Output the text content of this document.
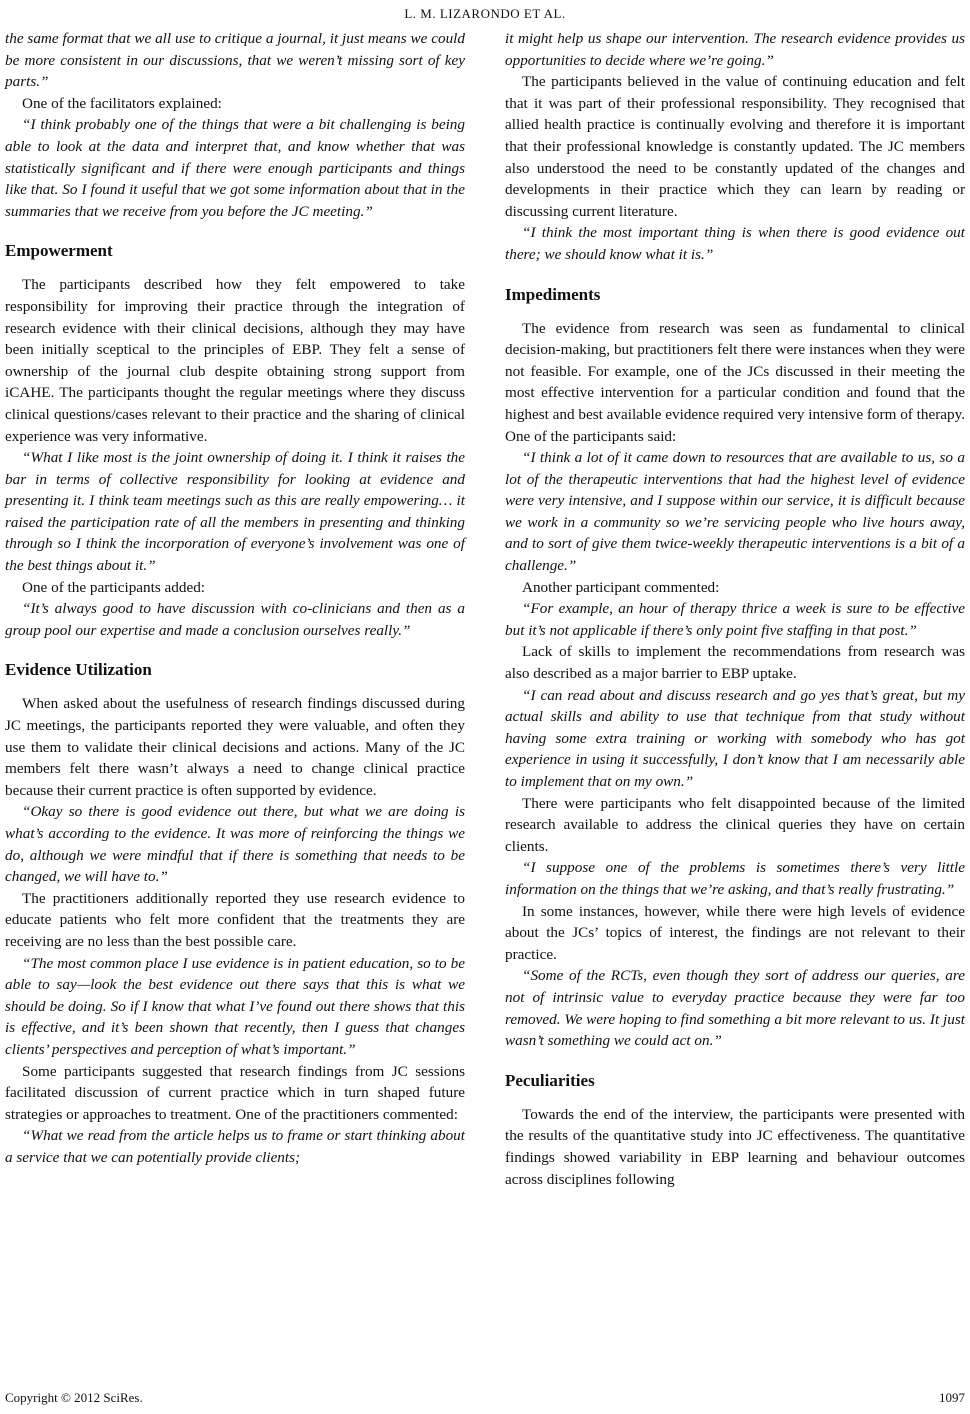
L. M. LIZARONDO ET AL.

the same format that we all use to critique a journal, it just means we could be more consistent in our discussions, that we weren’t missing sort of key parts.”

One of the facilitators explained:

“I think probably one of the things that were a bit challenging is being able to look at the data and interpret that, and know whether that was statistically significant and if there were enough participants and things like that. So I found it useful that we got some information about that in the summaries that we receive from you before the JC meeting.”

Empowerment

The participants described how they felt empowered to take responsibility for improving their practice through the integration of research evidence with their clinical decisions, although they may have been initially sceptical to the principles of EBP. They felt a sense of ownership of the journal club despite obtaining strong support from iCAHE. The participants thought the regular meetings where they discuss clinical questions/cases relevant to their practice and the sharing of clinical experience was very informative.

“What I like most is the joint ownership of doing it. I think it raises the bar in terms of collective responsibility for looking at evidence and presenting it. I think team meetings such as this are really empowering… it raised the participation rate of all the members in presenting and thinking through so I think the incorporation of everyone’s involvement was one of the best things about it.”

One of the participants added:

“It’s always good to have discussion with co-clinicians and then as a group pool our expertise and made a conclusion ourselves really.”

Evidence Utilization

When asked about the usefulness of research findings discussed during JC meetings, the participants reported they were valuable, and often they use them to validate their clinical decisions and actions. Many of the JC members felt there wasn’t always a need to change clinical practice because their current practice is often supported by evidence.

“Okay so there is good evidence out there, but what we are doing is what’s according to the evidence. It was more of reinforcing the things we do, although we were mindful that if there is something that needs to be changed, we will have to.”

The practitioners additionally reported they use research evidence to educate patients who felt more confident that the treatments they are receiving are no less than the best possible care.

“The most common place I use evidence is in patient education, so to be able to say—look the best evidence out there says that this is what we should be doing. So if I know that what I’ve found out there shows that this is effective, and it’s been shown that recently, then I guess that changes clients’ perspectives and perception of what’s important.”

Some participants suggested that research findings from JC sessions facilitated discussion of current practice which in turn shaped future strategies or approaches to treatment. One of the practitioners commented:

“What we read from the article helps us to frame or start thinking about a service that we can potentially provide clients;

it might help us shape our intervention. The research evidence provides us opportunities to decide where we’re going.”

The participants believed in the value of continuing education and felt that it was part of their professional responsibility. They recognised that allied health practice is continually evolving and therefore it is important that their professional knowledge is constantly updated. The JC members also understood the need to be constantly updated of the changes and developments in their practice which they can learn by reading or discussing current literature.

“I think the most important thing is when there is good evidence out there; we should know what it is.”

Impediments

The evidence from research was seen as fundamental to clinical decision-making, but practitioners felt there were instances when they were not feasible. For example, one of the JCs discussed in their meeting the most effective intervention for a particular condition and found that the highest and best available evidence required very intensive form of therapy. One of the participants said:

“I think a lot of it came down to resources that are available to us, so a lot of the therapeutic interventions that had the highest level of evidence were very intensive, and I suppose within our service, it is difficult because we work in a community so we’re servicing people who live hours away, and to sort of give them twice-weekly therapeutic interventions is a bit of a challenge.”

Another participant commented:

“For example, an hour of therapy thrice a week is sure to be effective but it’s not applicable if there’s only point five staffing in that post.”

Lack of skills to implement the recommendations from research was also described as a major barrier to EBP uptake.

“I can read about and discuss research and go yes that’s great, but my actual skills and ability to use that technique from that study without having some extra training or working with somebody who has got experience in using it successfully, I don’t know that I am necessarily able to implement that on my own.”

There were participants who felt disappointed because of the limited research available to address the clinical queries they have on certain clients.

“I suppose one of the problems is sometimes there’s very little information on the things that we’re asking, and that’s really frustrating.”

In some instances, however, while there were high levels of evidence about the JCs’ topics of interest, the findings are not relevant to their practice.

“Some of the RCTs, even though they sort of address our queries, are not of intrinsic value to everyday practice because they were far too removed. We were hoping to find something a bit more relevant to us. It just wasn’t something we could act on.”

Peculiarities

Towards the end of the interview, the participants were presented with the results of the quantitative study into JC effectiveness. The quantitative findings showed variability in EBP learning and behaviour outcomes across disciplines following

Copyright © 2012 SciRes.	1097
